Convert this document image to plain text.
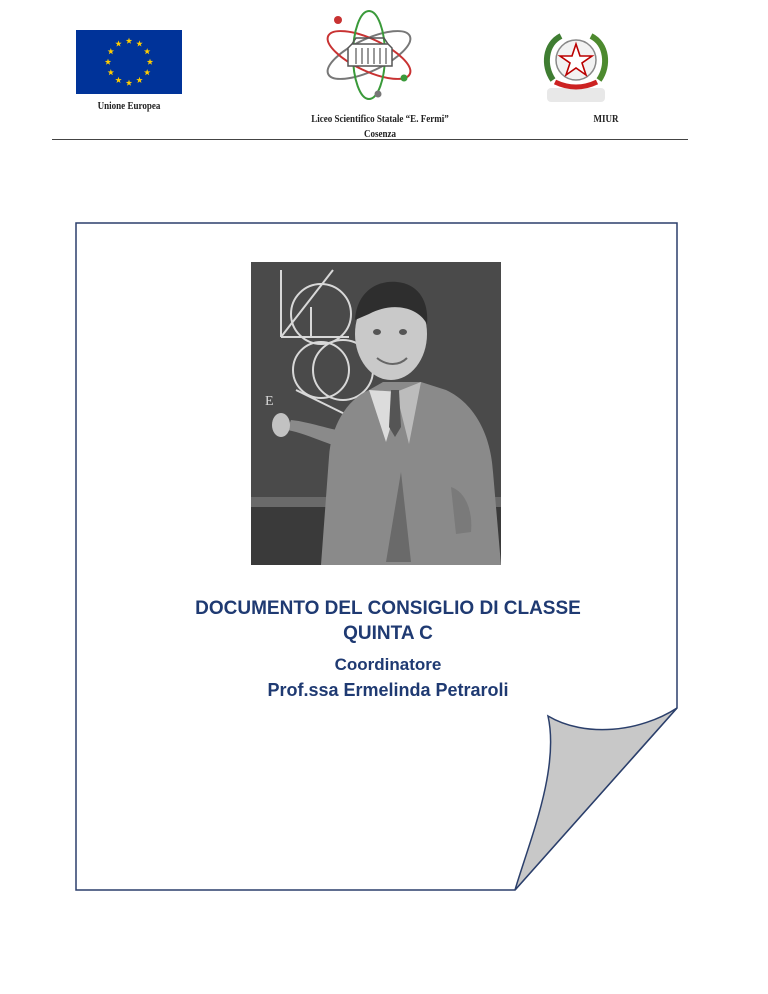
Unione Europea
Liceo Scientifico Statale “E. Fermi”
Cosenza
MIUR
E
DOCUMENTO DEL CONSIGLIO DI CLASSE
QUINTA C
Coordinatore
Prof.ssa Ermelinda Petraroli
